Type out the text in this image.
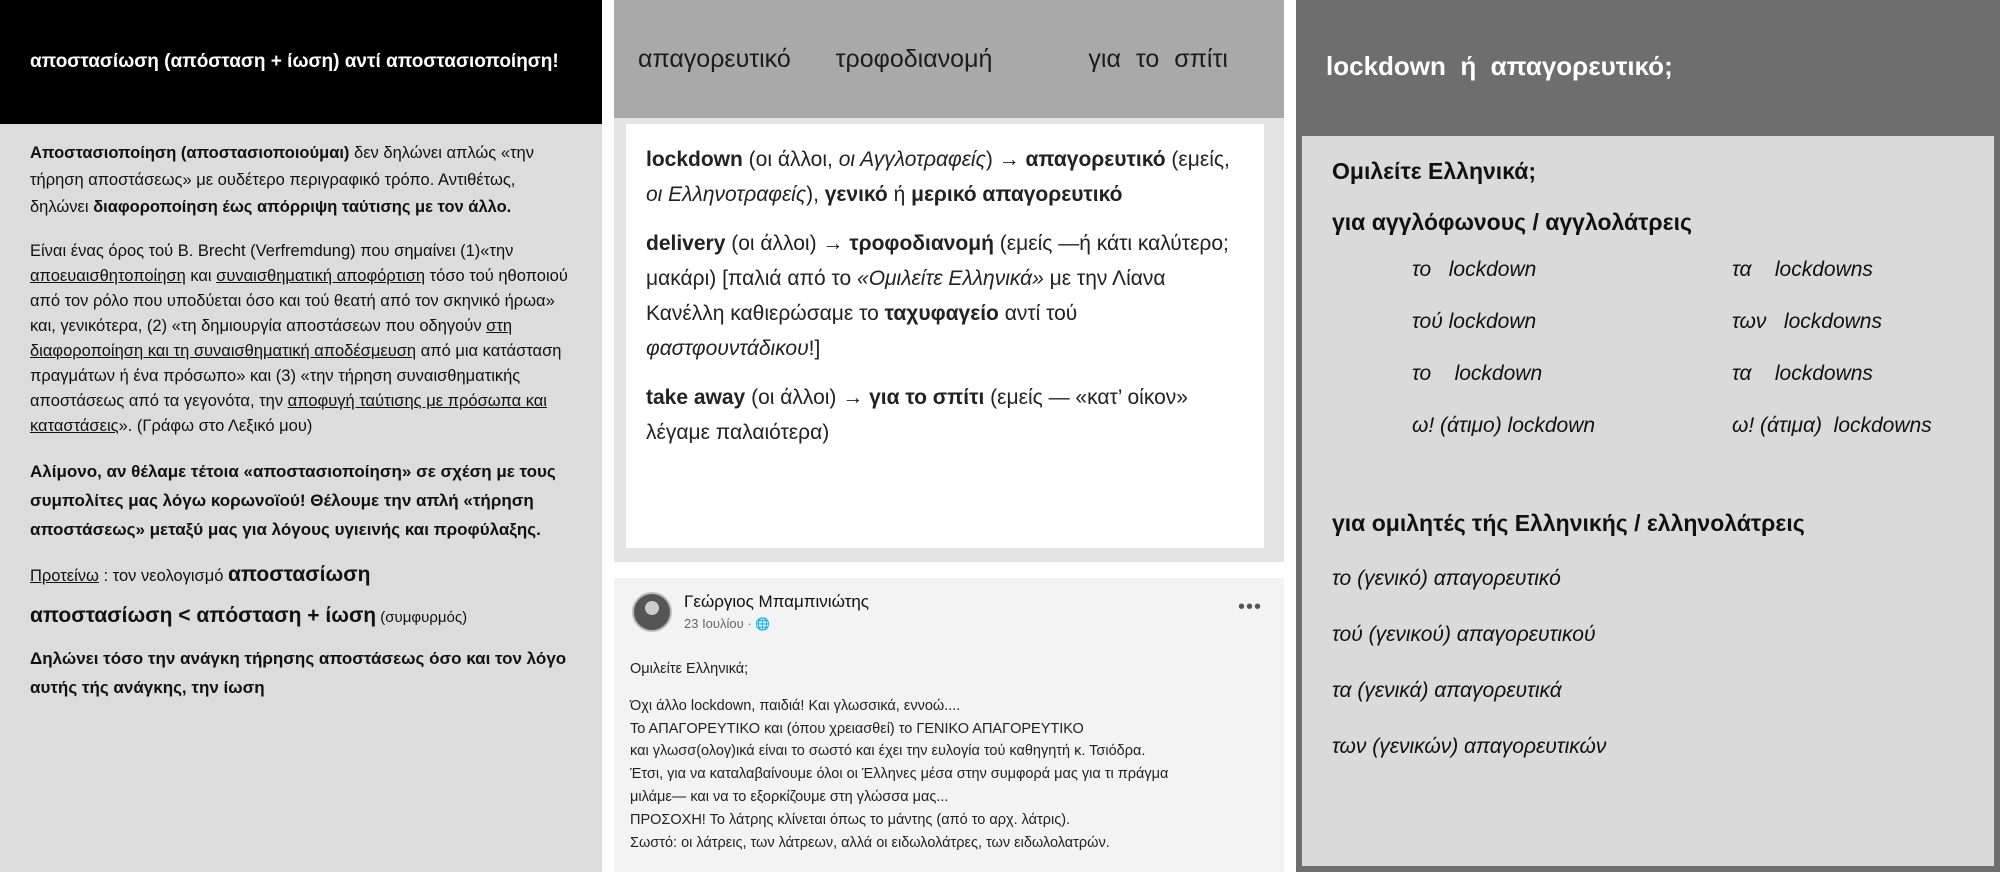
αποστασίωση (απόσταση + ίωση) αντί αποστασιοποίηση!

Αποστασιοποίηση (αποστασιοποιούμαι) δεν δηλώνει απλώς «την τήρηση αποστάσεως» με ουδέτερο περιγραφικό τρόπο. Αντιθέτως, δηλώνει διαφοροποίηση έως απόρριψη ταύτισης με τον άλλο.

Είναι ένας όρος τού B. Brecht (Verfremdung) που σημαίνει (1)«την αποευαισθητοποίηση και συναισθηματική αποφόρτιση τόσο τού ηθοποιού από τον ρόλο που υποδύεται όσο και τού θεατή από τον σκηνικό ήρωα» και, γενικότερα, (2) «τη δημιουργία αποστάσεων που οδηγούν στη διαφοροποίηση και τη συναισθηματική αποδέσμευση από μια κατάσταση πραγμάτων ή ένα πρόσωπο» και (3) «την τήρηση συναισθηματικής αποστάσεως από τα γεγονότα, την αποφυγή ταύτισης με πρόσωπα και καταστάσεις». (Γράφω στο Λεξικό μου)

Αλίμονο, αν θέλαμε τέτοια «αποστασιοποίηση» σε σχέση με τους συμπολίτες μας λόγω κορωνοϊού! Θέλουμε την απλή «τήρηση αποστάσεως» μεταξύ μας για λόγους υγιεινής και προφύλαξης.

Προτείνω : τον νεολογισμό αποστασίωση

αποστασίωση < απόσταση + ίωση (συμφυρμός)

Δηλώνει τόσο την ανάγκη τήρησης αποστάσεως όσο και τον λόγο αυτής τής ανάγκης, την ίωση

απαγορευτικό
τροφοδιανομή	για το σπίτι

lockdown (οι άλλοι, οι Αγγλοτραφείς) → απαγορευτικό (εμείς, οι Ελληνοτραφείς), γενικό ή μερικό απαγορευτικό

delivery (οι άλλοι) → τροφοδιανομή (εμείς —ή κάτι καλύτερο; μακάρι) [παλιά από το «Ομιλείτε Ελληνικά» με την Λίανα Κανέλλη καθιερώσαμε το ταχυφαγείο αντί τού φαστφουντάδικου!]

take away (οι άλλοι) → για το σπίτι (εμείς — «κατ’ οίκον» λέγαμε παλαιότερα)

Γεώργιος Μπαμπινιώτης
23 Ιουλίου · 🌐
•••
Ομιλείτε Ελληνικά;
Όχι άλλο lockdown, παιδιά! Και γλωσσικά, εννοώ....
Το ΑΠΑΓΟΡΕΥΤΙΚΟ και (όπου χρειασθεί) το ΓΕΝΙΚΟ ΑΠΑΓΟΡΕΥΤΙΚΟ
και γλωσσ(ολογ)ικά είναι το σωστό και έχει την ευλογία τού καθηγητή κ. Τσιόδρα.
Έτσι, για να καταλαβαίνουμε όλοι οι Έλληνες μέσα στην συμφορά μας για τι πράγμα
μιλάμε— και να το εξορκίζουμε στη γλώσσα μας...
ΠΡΟΣΟΧΗ! Το λάτρης κλίνεται όπως το μάντης (από το αρχ. λάτρις).
Σωστό: οι λάτρεις, των λάτρεων, αλλά οι ειδωλολάτρες, των ειδωλολατρών.
lockdown  ή  απαγορευτικό;

Ομιλείτε Ελληνικά;

για αγγλόφωνους / αγγλολάτρεις

το   lockdown	τα    lockdowns
τού lockdown	των   lockdowns
το    lockdown	τα    lockdowns
ω! (άτιμο) lockdown	ω! (άτιμα)  lockdowns

για ομιλητές τής Ελληνικής / ελληνολάτρεις

το (γενικό) απαγορευτικό

τού (γενικού) απαγορευτικού

τα (γενικά) απαγορευτικά

των (γενικών) απαγορευτικών
